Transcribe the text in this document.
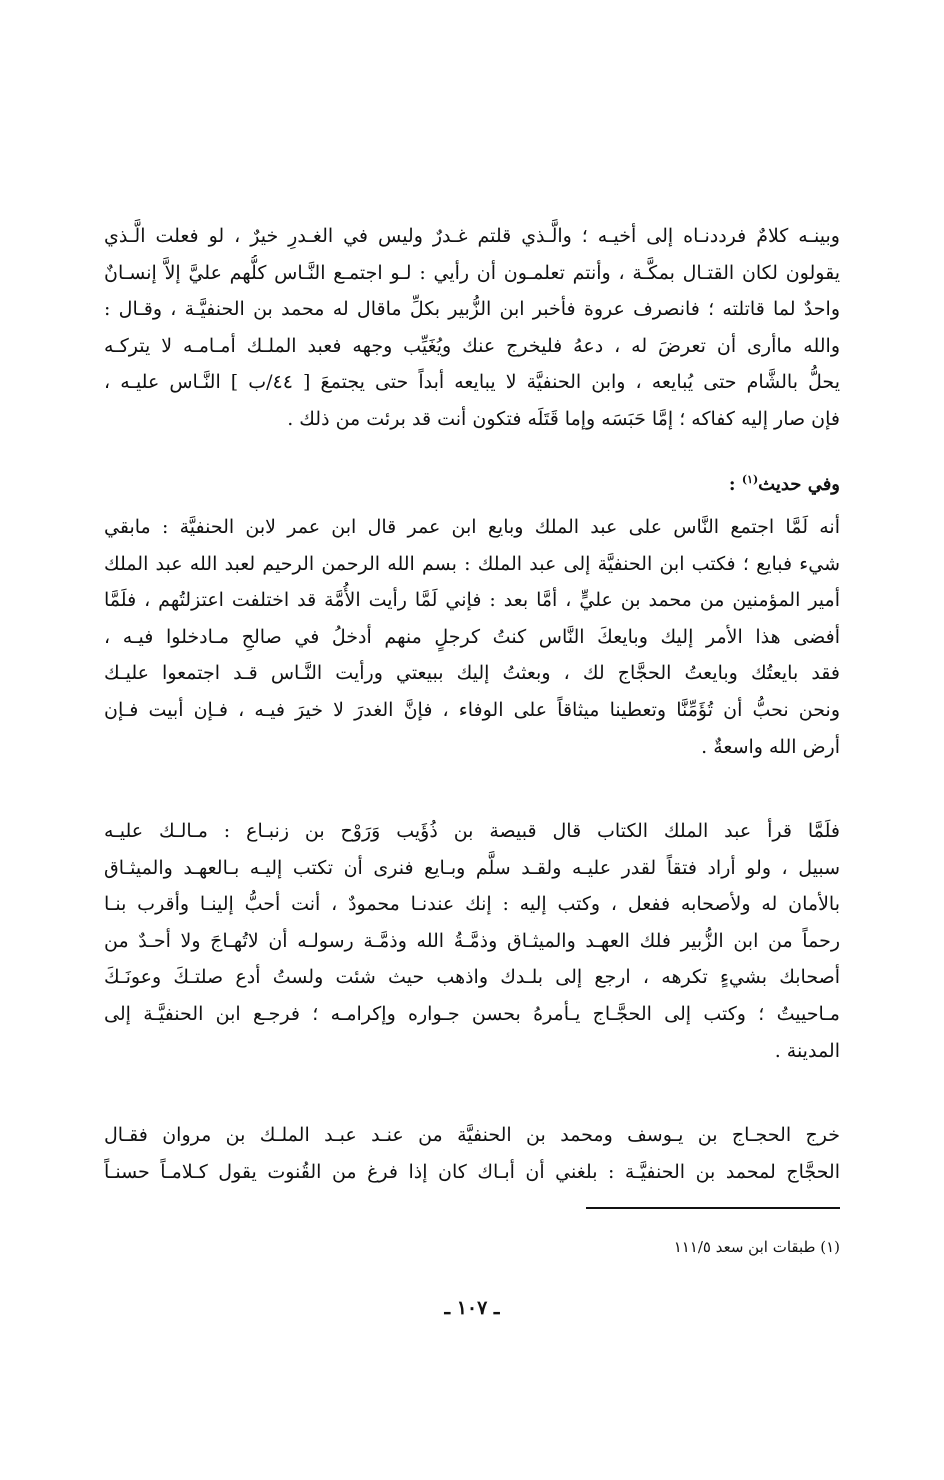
وبينـه كلامٌ فرددنـاه إلى أخيـه ؛ والَّـذي قلتم غـدرٌ وليس في الغـدرِ خيرٌ ، لو فعلت الَّـذي
يقولون لكان القتـال بمكَّـة ، وأنتم تعلمـون أن رأيي : لـو اجتمـع النَّـاس كلُّهم عليَّ إلاَّ إنسـانٌ
واحدٌ لما قاتلته ؛ فانصرف عروة فأخبر ابن الزُّبير بكلِّ ماقال له محمد بن الحنفيَّـة ، وقـال :
والله ماأرى أن تعرضَ له ، دعهُ فليخرج عنك ويُغَيِّب وجهه فعبد الملـك أمـامـه لا يتركـه
يحلُّ بالشَّام حتى يُبايعه ، وابن الحنفيَّة لا يبايعه أبداً حتى يجتمعَ [ ٤٤/ب ] النَّـاس عليـه ،
فإن صار إليه كفاكه ؛ إمَّا حَبَسَه وإما قَتَلَه فتكون أنت قد برئت من ذلك .
وفي حديث$^{(١)}$ :
أنه لَمَّا اجتمع النَّاس على عبد الملك وبايع ابن عمر قال ابن عمر لابن الحنفيَّة : مابقي
شيء فبايع ؛ فكتب ابن الحنفيَّة إلى عبد الملك : بسم الله الرحمن الرحيم لعبد الله عبد الملك
أمير المؤمنين من محمد بن عليٍّ ، أمَّا بعد : فإني لَمَّا رأيت الأُمَّة قد اختلفت اعتزلتُهم ، فلَمَّا
أفضى هذا الأمر إليك وبايعكَ النَّاس كنتُ كرجلٍ منهم أدخلُ في صالحِ مـادخلوا فيـه ،
فقد بايعتُك وبايعتُ الحجَّاج لك ، وبعثتُ إليك ببيعتي ورأيت النَّـاس قـد اجتمعوا عليـك
ونحن نحبُّ أن تُؤَمِّنَّا وتعطينا ميثاقاً على الوفاء ، فإنَّ الغدرَ لا خيرَ فيـه ، فـإن أبيت فـإن
أرض الله واسعةٌ .
فلَمَّا قرأ عبد الملك الكتاب قال قبيصة بن ذُؤَيب وَرَوْح بن زنبـاع : مـالـك عليـه
سبيل ، ولو أراد فتقاً لقدر عليـه ولقـد سلَّم وبـايع فنرى أن تكتب إليـه بـالعهـد والميثـاق
بالأمان له ولأصحابه ففعل ، وكتب إليه : إنك عندنـا محمودٌ ، أنت أحبُّ إلينـا وأقرب بنـا
رحماً من ابن الزُّبير فلك العهـد والميثـاق وذمَّـةُ الله وذمَّـة رسولـه أن لاتُهـاجَ ولا أحـدٌ من
أصحابك بشيءٍ تكرهه ، ارجع إلى بلـدك واذهب حيث شئت ولستُ أدع صلتـكَ وعونَـكَ
مـاحييتُ ؛ وكتب إلى الحجَّـاج يـأمرهُ بحسن جـواره وإكرامـه ؛ فرجـع ابن الحنفيَّـة إلى
المدينة .
خرج الحجـاج بن يـوسف ومحمد بن الحنفيَّة من عنـد عبـد الملـك بن مروان فقـال
الحجَّاج لمحمد بن الحنفيَّـة : بلغني أن أبـاك كان إذا فرغ من القُنوت يقول كـلامـاً حسنـاً
(١) طبقات ابن سعد ١١١/٥
ـ ١٠٧ ـ
